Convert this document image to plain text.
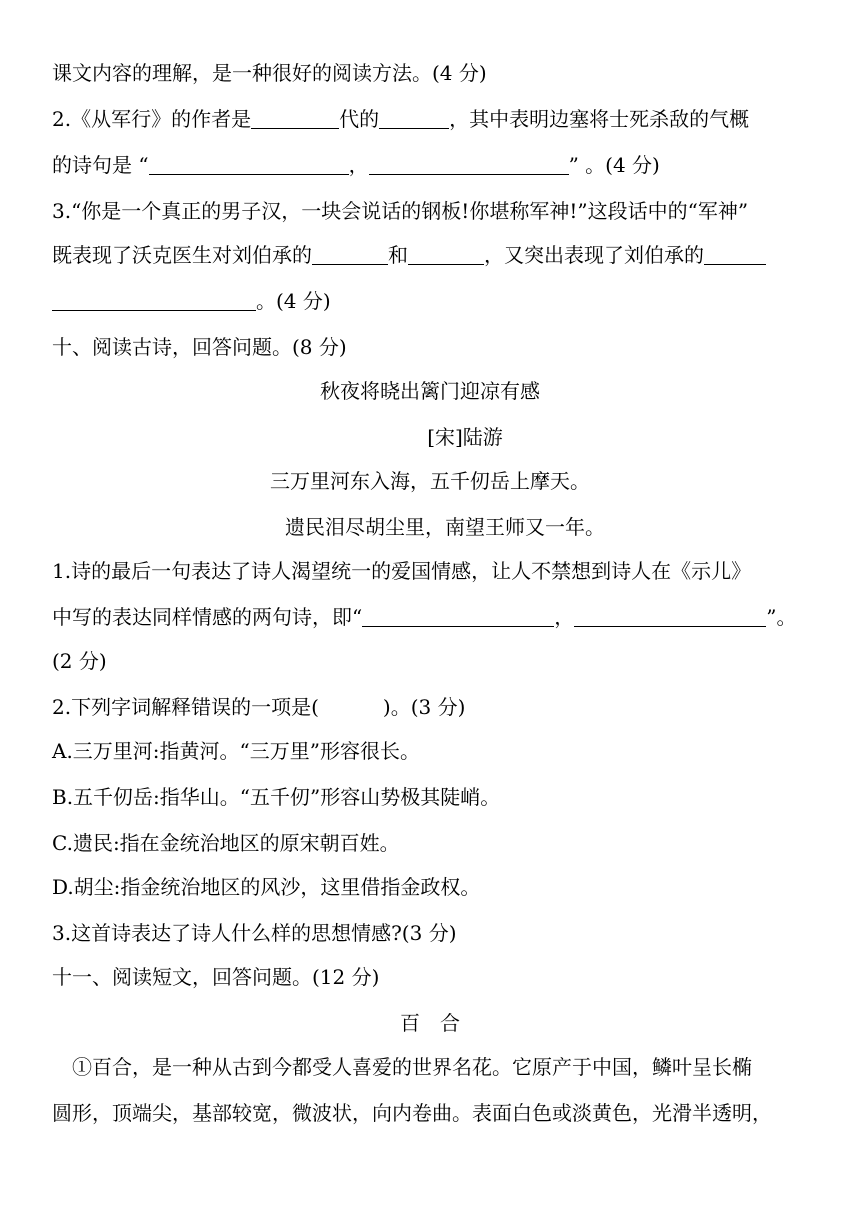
课文内容的理解，是一种很好的阅读方法。(4 分)
2.《从军行》的作者是	代的	，其中表明边塞将士死杀敌的气概
的诗句是 “	，	” 。(4 分)
3.“你是一个真正的男子汉，一块会说话的钢板!你堪称军神!”这段话中的“军神”
既表现了沃克医生对刘伯承的	和	，又突出表现了刘伯承的
。(4 分)
十、阅读古诗，回答问题。(8 分)
秋夜将晓出篱门迎凉有感
[宋]陆游
三万里河东入海，五千仞岳上摩天。
遗民泪尽胡尘里，南望王师又一年。
1.诗的最后一句表达了诗人渴望统一的爱国情感，让人不禁想到诗人在《示儿》
中写的表达同样情感的两句诗，即“	，	”。
(2 分)
2.下列字词解释错误的一项是(	)。(3 分)
A.三万里河:指黄河。“三万里”形容很长。
B.五千仞岳:指华山。“五千仞”形容山势极其陡峭。
C.遗民:指在金统治地区的原宋朝百姓。
D.胡尘:指金统治地区的风沙，这里借指金政权。
3.这首诗表达了诗人什么样的思想情感?(3 分)
十一、阅读短文，回答问题。(12 分)
百　合
①百合，是一种从古到今都受人喜爱的世界名花。它原产于中国，鳞叶呈长椭
圆形，顶端尖，基部较宽，微波状，向内卷曲。表面白色或淡黄色，光滑半透明，
